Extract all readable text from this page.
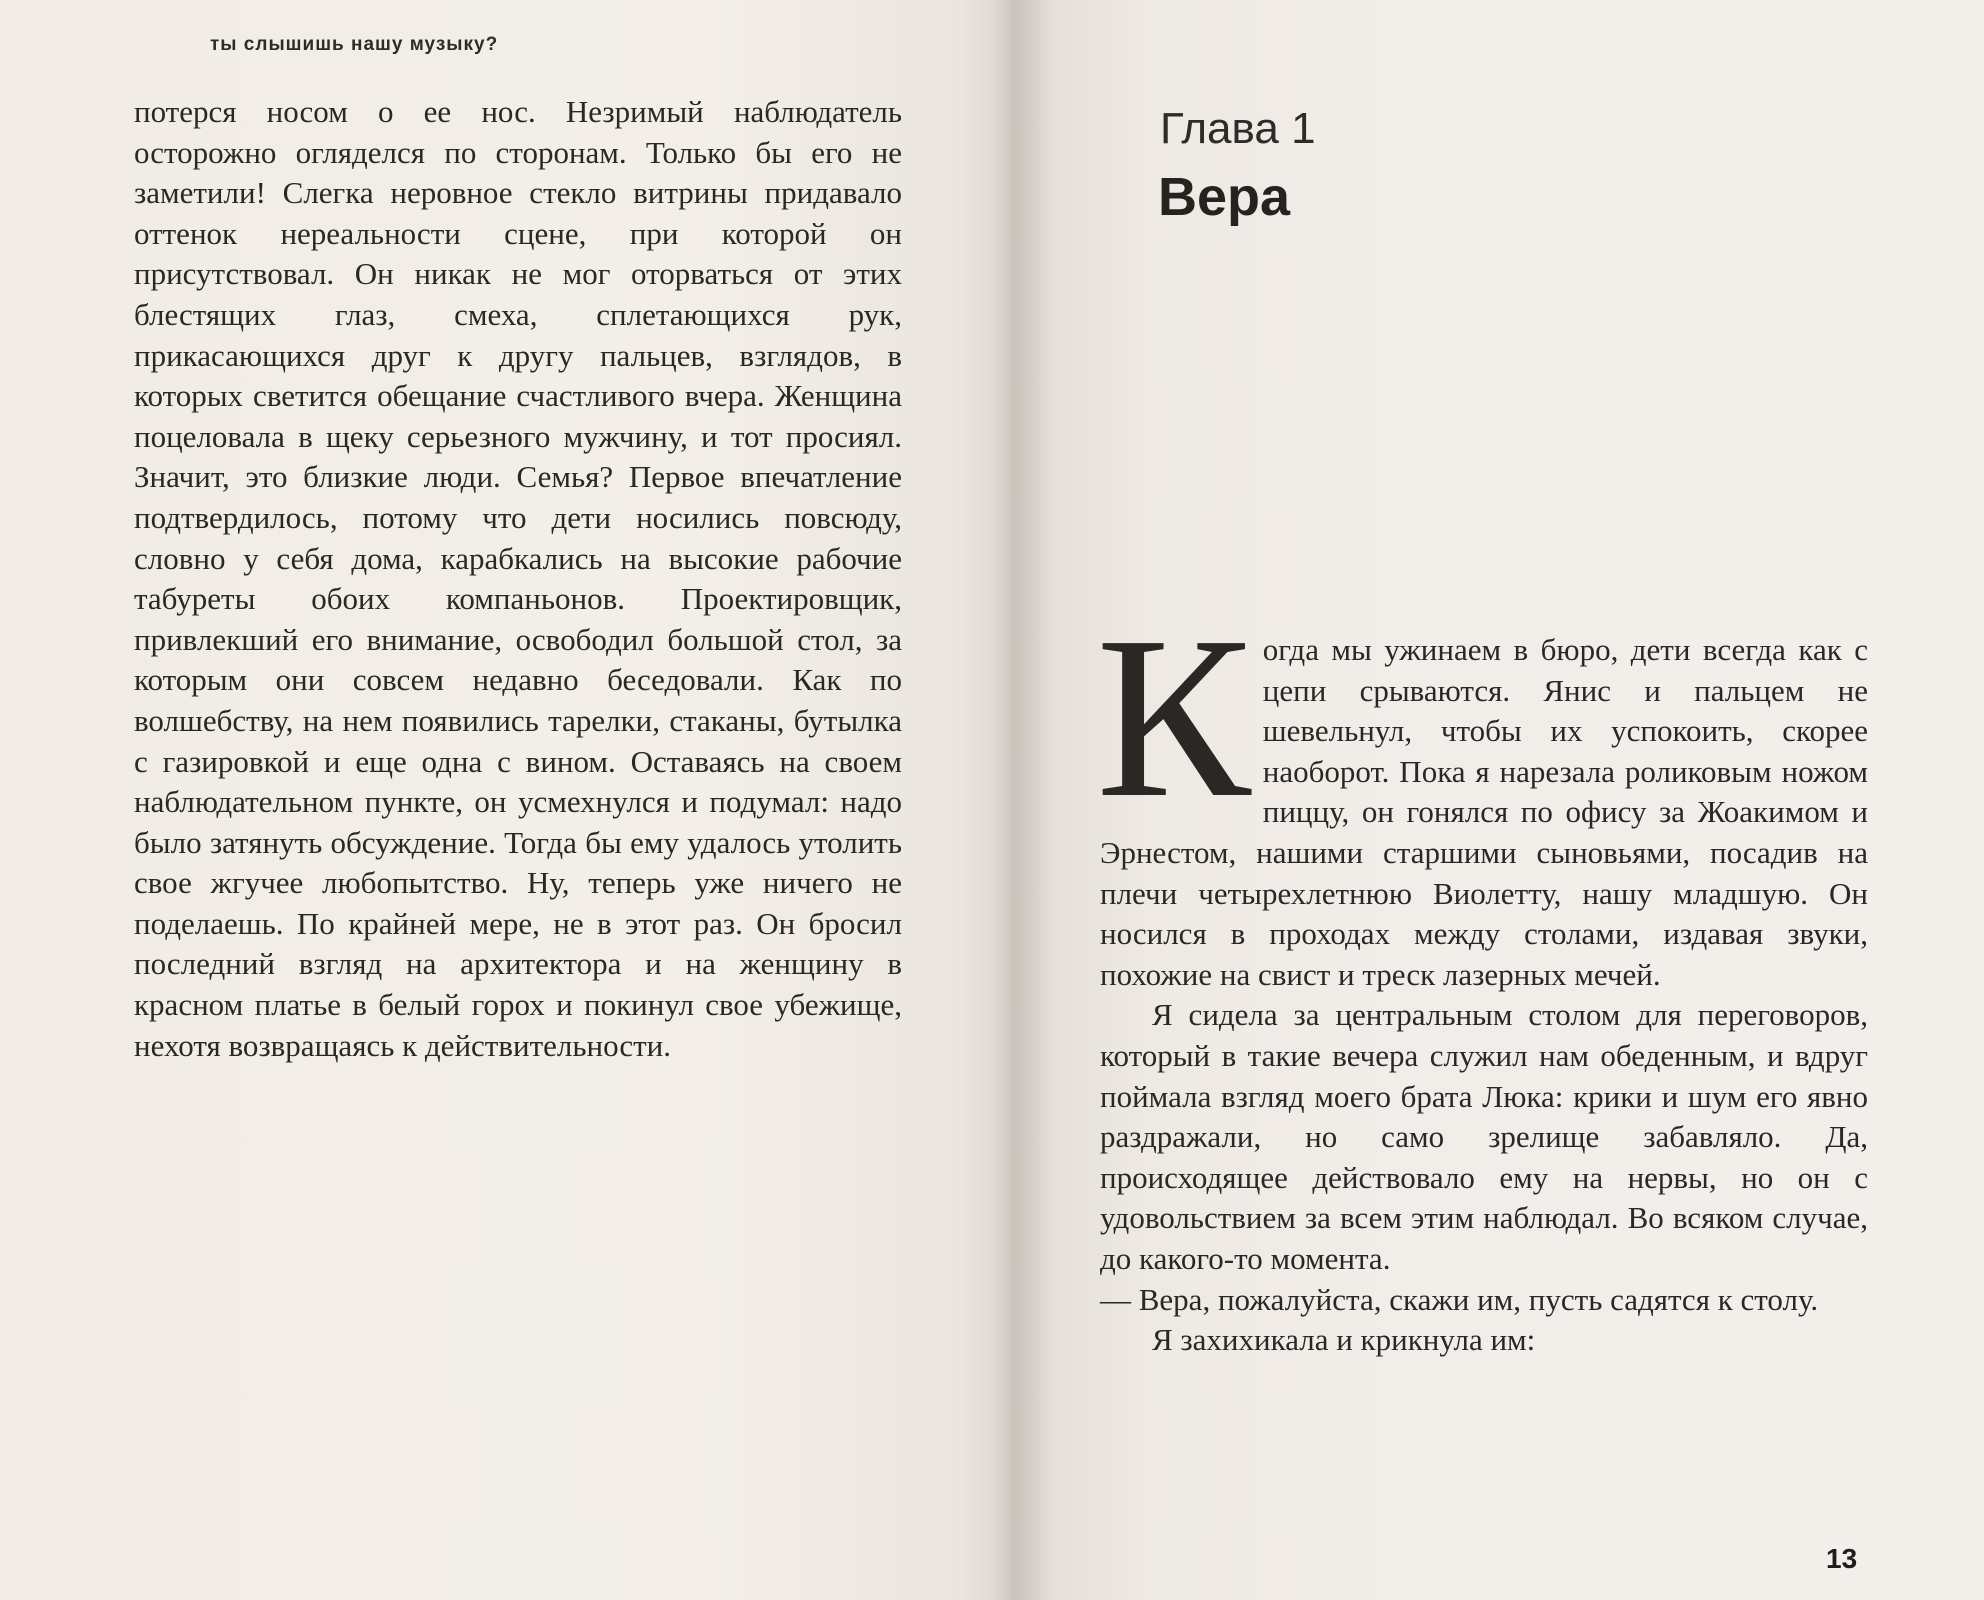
ты слышишь нашу музыку?

потерся носом о ее нос. Незримый наблюдатель осторожно огляделся по сторонам. Только бы его не заметили! Слегка неровное стекло витрины придавало оттенок нереальности сцене, при которой он присутствовал. Он никак не мог оторваться от этих блестящих глаз, смеха, сплетающихся рук, прикасающихся друг к другу пальцев, взглядов, в которых светится обещание счастливого вчера. Женщина поцеловала в щеку серьезного мужчину, и тот просиял. Значит, это близкие люди. Семья? Первое впечатление подтвердилось, потому что дети носились повсюду, словно у себя дома, карабкались на высокие рабочие табуреты обоих компаньонов. Проектировщик, привлекший его внимание, освободил большой стол, за которым они совсем недавно беседовали. Как по волшебству, на нем появились тарелки, стаканы, бутылка с газировкой и еще одна с вином. Оставаясь на своем наблюдательном пункте, он усмехнулся и подумал: надо было затянуть обсуждение. Тогда бы ему удалось утолить свое жгучее любопытство. Ну, теперь уже ничего не поделаешь. По крайней мере, не в этот раз. Он бросил последний взгляд на архитектора и на женщину в красном платье в белый горох и покинул свое убежище, нехотя возвращаясь к действительности.

Глава 1
Вера

Когда мы ужинаем в бюро, дети всегда как с цепи срываются. Янис и пальцем не шевельнул, чтобы их успокоить, скорее наоборот. Пока я нарезала роликовым ножом пиццу, он гонялся по офису за Жоакимом и Эрнестом, нашими старшими сыновьями, посадив на плечи четырехлетнюю Виолетту, нашу младшую. Он носился в проходах между столами, издавая звуки, похожие на свист и треск лазерных мечей.

Я сидела за центральным столом для переговоров, который в такие вечера служил нам обеденным, и вдруг поймала взгляд моего брата Люка: крики и шум его явно раздражали, но само зрелище забавляло. Да, происходящее действовало ему на нервы, но он с удовольствием за всем этим наблюдал. Во всяком случае, до какого-то момента.

— Вера, пожалуйста, скажи им, пусть садятся к столу.

Я захихикала и крикнула им:

13
